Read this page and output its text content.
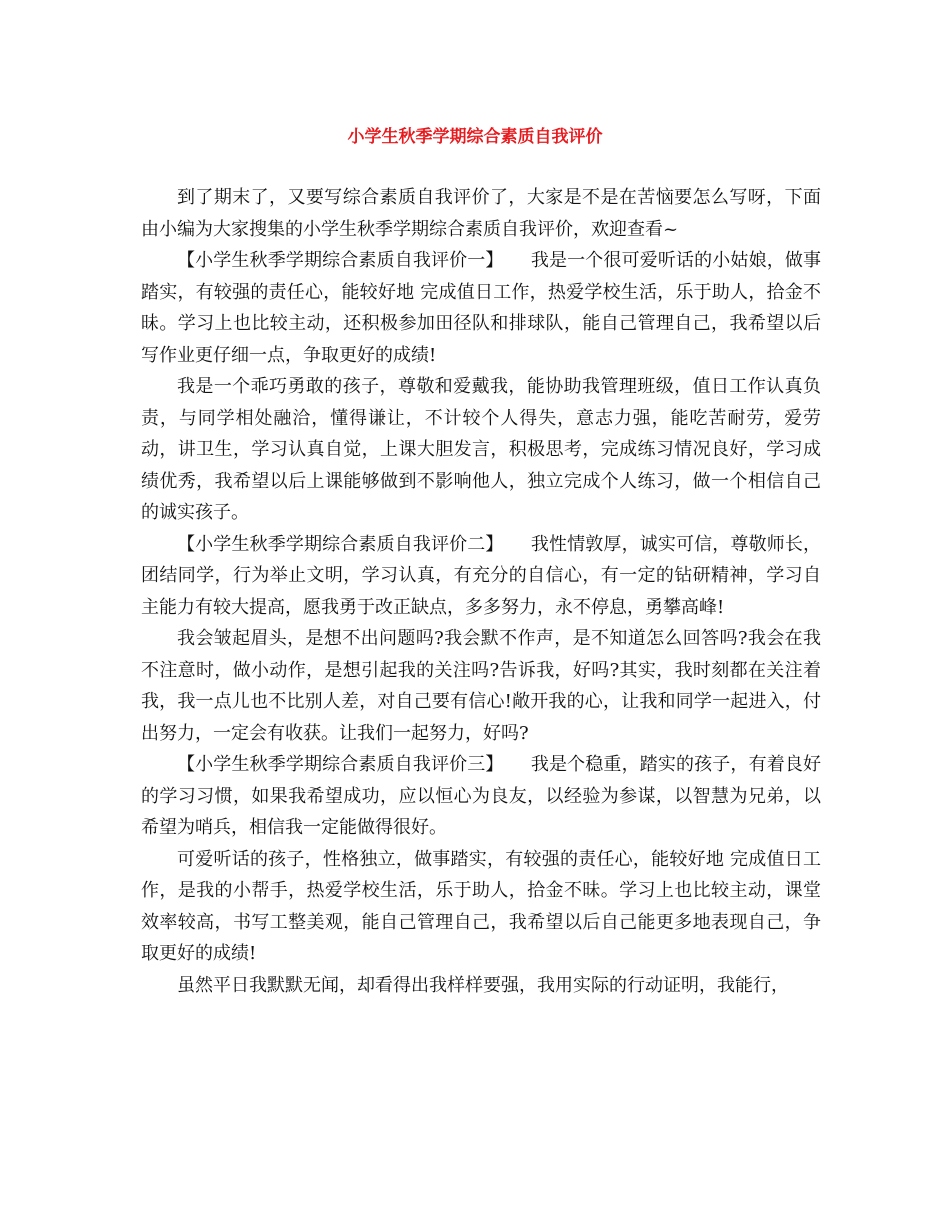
小学生秋季学期综合素质自我评价

到了期末了，又要写综合素质自我评价了，大家是不是在苦恼要怎么写呀，下面由小编为大家搜集的小学生秋季学期综合素质自我评价，欢迎查看~

【小学生秋季学期综合素质自我评价一】　　我是一个很可爱听话的小姑娘，做事踏实，有较强的责任心，能较好地 完成值日工作，热爱学校生活，乐于助人，拾金不昧。学习上也比较主动，还积极参加田径队和排球队，能自己管理自己，我希望以后写作业更仔细一点，争取更好的成绩!

我是一个乖巧勇敢的孩子，尊敬和爱戴我，能协助我管理班级，值日工作认真负责，与同学相处融洽，懂得谦让，不计较个人得失，意志力强，能吃苦耐劳，爱劳动，讲卫生，学习认真自觉，上课大胆发言，积极思考，完成练习情况良好，学习成绩优秀，我希望以后上课能够做到不影响他人，独立完成个人练习，做一个相信自己的诚实孩子。

【小学生秋季学期综合素质自我评价二】　　我性情敦厚，诚实可信，尊敬师长，团结同学，行为举止文明，学习认真，有充分的自信心，有一定的钻研精神，学习自主能力有较大提高，愿我勇于改正缺点，多多努力，永不停息，勇攀高峰!

我会皱起眉头，是想不出问题吗?我会默不作声，是不知道怎么回答吗?我会在我不注意时，做小动作，是想引起我的关注吗?告诉我，好吗?其实，我时刻都在关注着我，我一点儿也不比别人差，对自己要有信心!敞开我的心，让我和同学一起进入，付出努力，一定会有收获。让我们一起努力，好吗?

【小学生秋季学期综合素质自我评价三】　　我是个稳重，踏实的孩子，有着良好的学习习惯，如果我希望成功，应以恒心为良友，以经验为参谋，以智慧为兄弟，以希望为哨兵，相信我一定能做得很好。

可爱听话的孩子，性格独立，做事踏实，有较强的责任心，能较好地 完成值日工作，是我的小帮手，热爱学校生活，乐于助人，拾金不昧。学习上也比较主动，课堂效率较高，书写工整美观，能自己管理自己，我希望以后自己能更多地表现自己，争取更好的成绩!

虽然平日我默默无闻，却看得出我样样要强，我用实际的行动证明，我能行，
